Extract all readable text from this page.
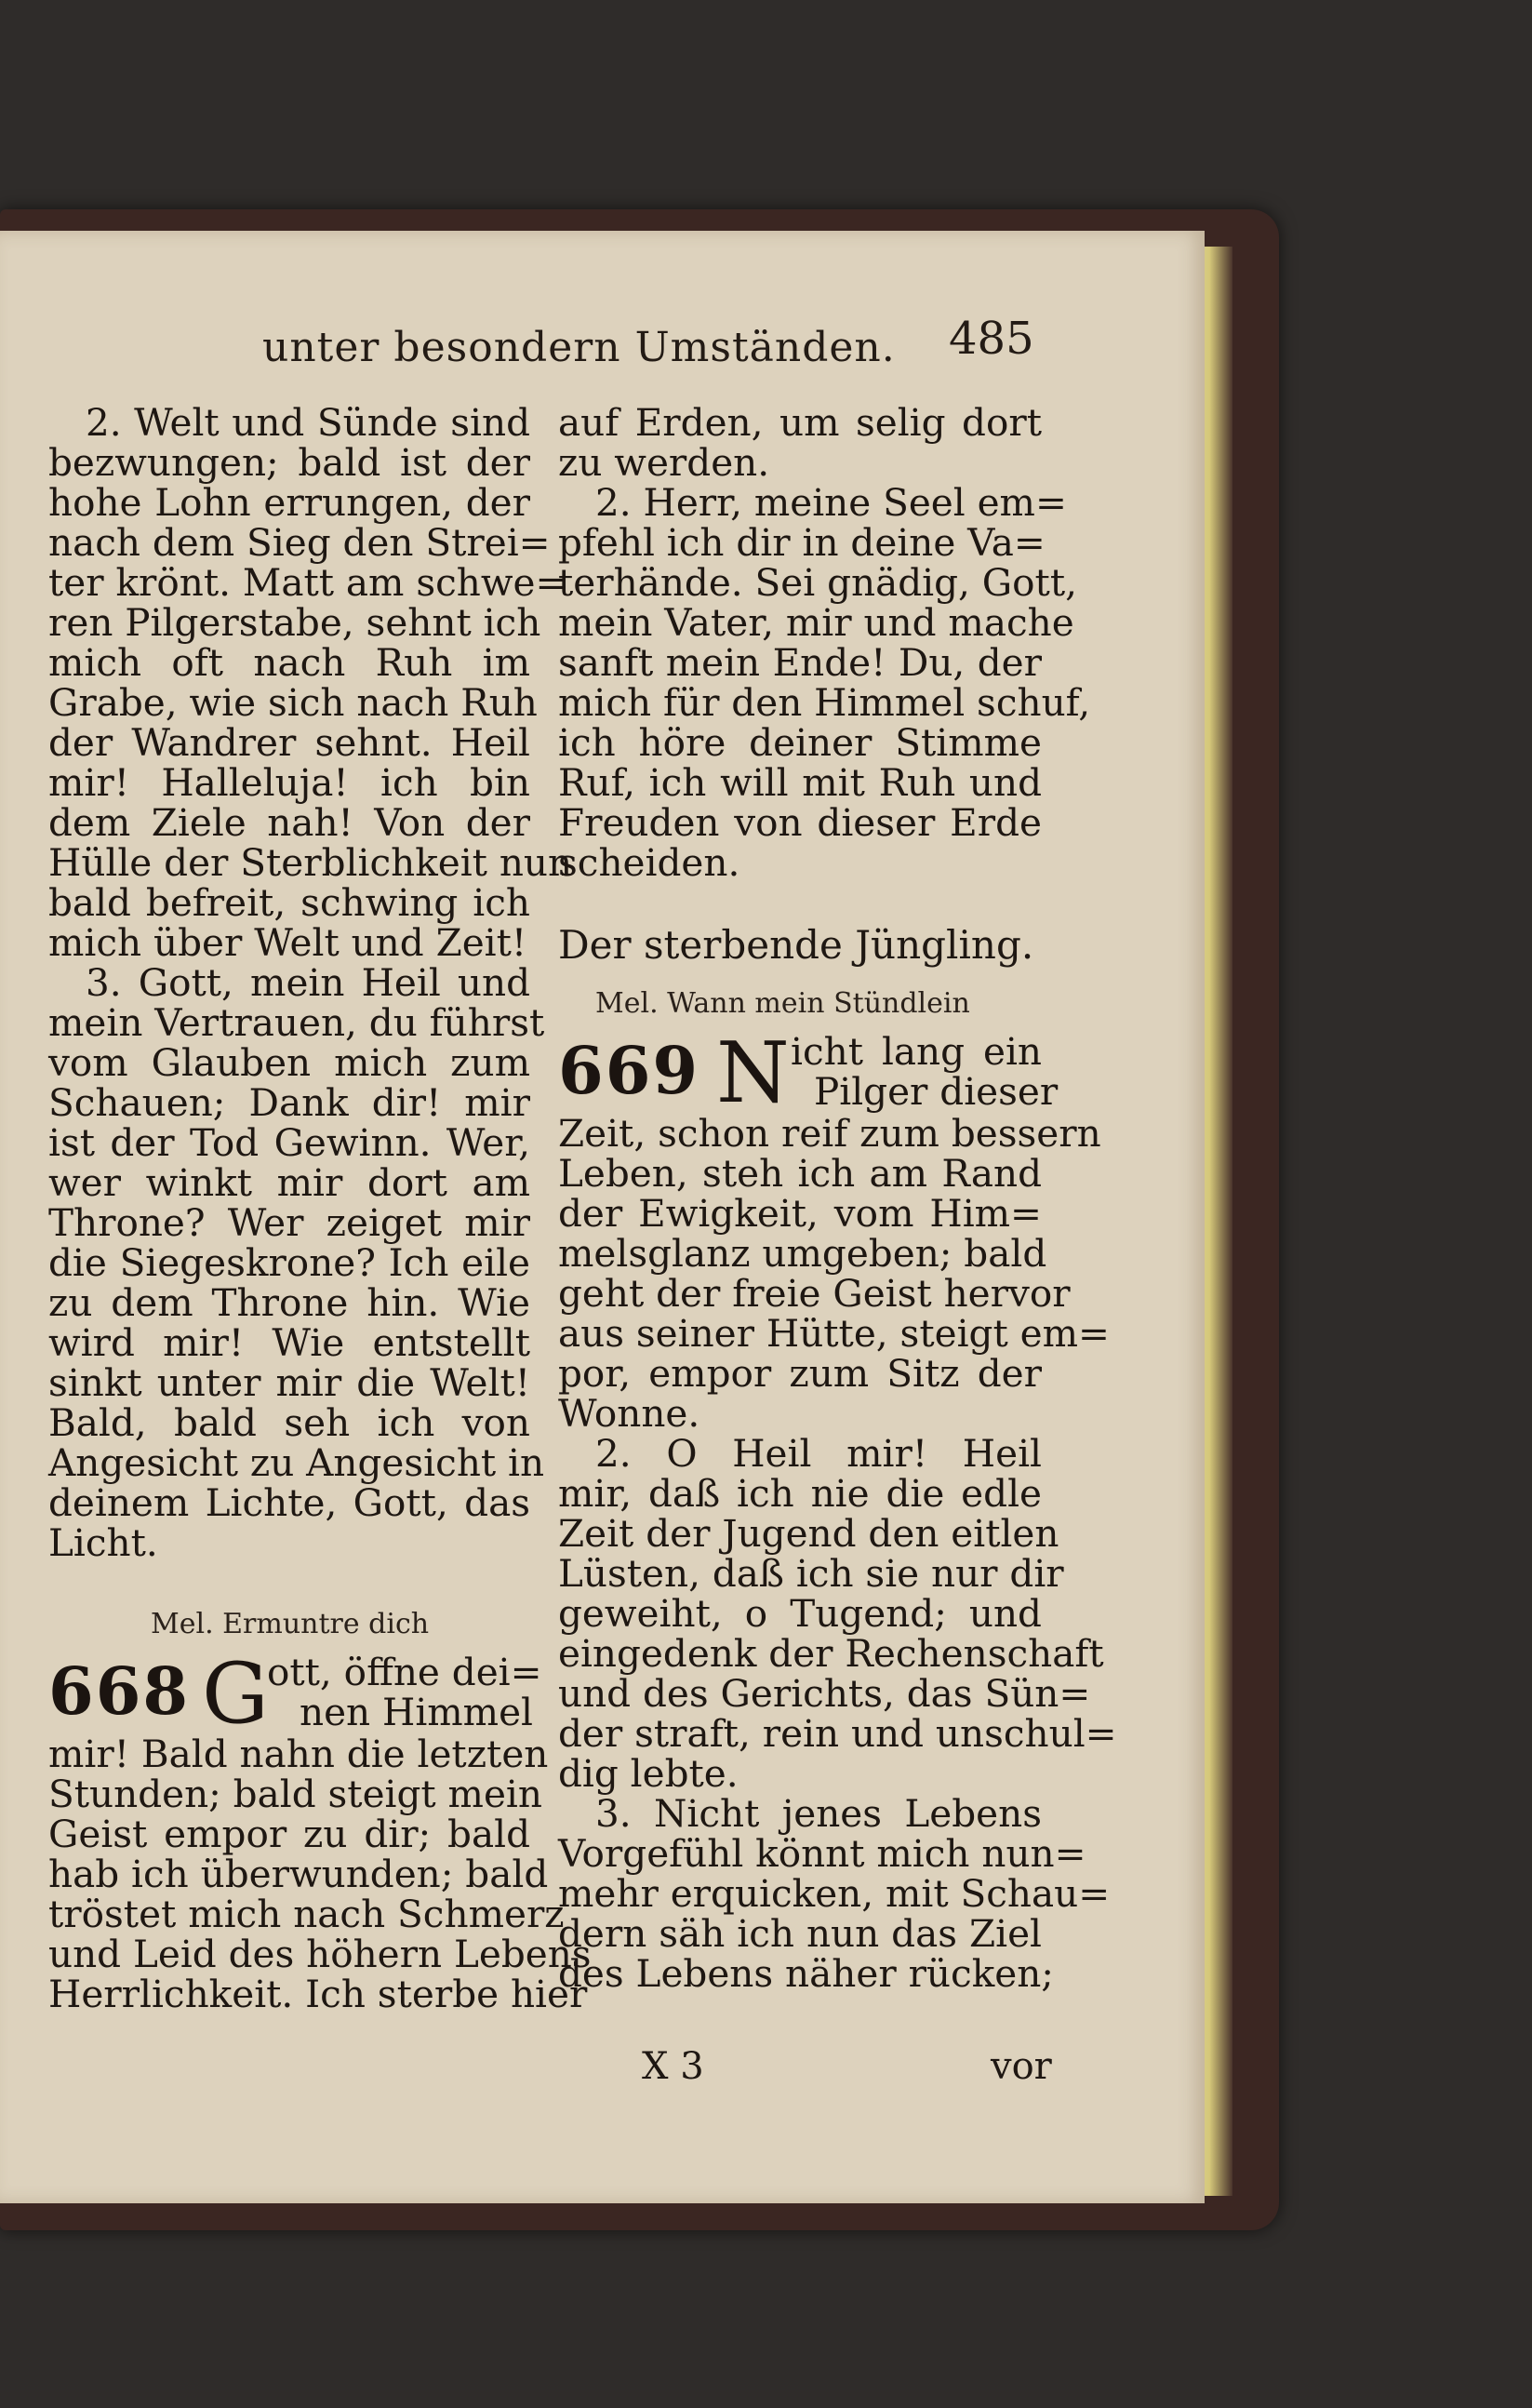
unter besondern Umständen. 485
2. Welt und Sünde sind
bezwungen; bald ist der
hohe Lohn errungen, der
nach dem Sieg den Strei=
ter krönt. Matt am schwe=
ren Pilgerstabe, sehnt ich
mich oft nach Ruh im
Grabe, wie sich nach Ruh
der Wandrer sehnt. Heil
mir! Halleluja! ich bin
dem Ziele nah! Von der
Hülle der Sterblichkeit nun
bald befreit, schwing ich
mich über Welt und Zeit!
3. Gott, mein Heil und
mein Vertrauen, du führst
vom Glauben mich zum
Schauen; Dank dir! mir
ist der Tod Gewinn. Wer,
wer winkt mir dort am
Throne? Wer zeiget mir
die Siegeskrone? Ich eile
zu dem Throne hin. Wie
wird mir! Wie entstellt
sinkt unter mir die Welt!
Bald, bald seh ich von
Angesicht zu Angesicht in
deinem Lichte, Gott, das
Licht.
Mel. Ermuntre dich
668 G
ott, öffne dei=
nen Himmel
mir! Bald nahn die letzten
Stunden; bald steigt mein
Geist empor zu dir; bald
hab ich überwunden; bald
tröstet mich nach Schmerz
und Leid des höhern Lebens
Herrlichkeit. Ich sterbe hier
auf Erden, um selig dort
zu werden.
2. Herr, meine Seel em=
pfehl ich dir in deine Va=
terhände. Sei gnädig, Gott,
mein Vater, mir und mache
sanft mein Ende! Du, der
mich für den Himmel schuf,
ich höre deiner Stimme
Ruf, ich will mit Ruh und
Freuden von dieser Erde
scheiden.
Der sterbende Jüngling.
Mel. Wann mein Stündlein
669 N icht lang ein
Pilger dieser
Zeit, schon reif zum bessern
Leben, steh ich am Rand
der Ewigkeit, vom Him=
melsglanz umgeben; bald
geht der freie Geist hervor
aus seiner Hütte, steigt em=
por, empor zum Sitz der
Wonne.
2. O Heil mir! Heil
mir, daß ich nie die edle
Zeit der Jugend den eitlen
Lüsten, daß ich sie nur dir
geweiht, o Tugend; und
eingedenk der Rechenschaft
und des Gerichts, das Sün=
der straft, rein und unschul=
dig lebte.
3. Nicht jenes Lebens
Vorgefühl könnt mich nun=
mehr erquicken, mit Schau=
dern säh ich nun das Ziel
des Lebens näher rücken;
X 3	vor
